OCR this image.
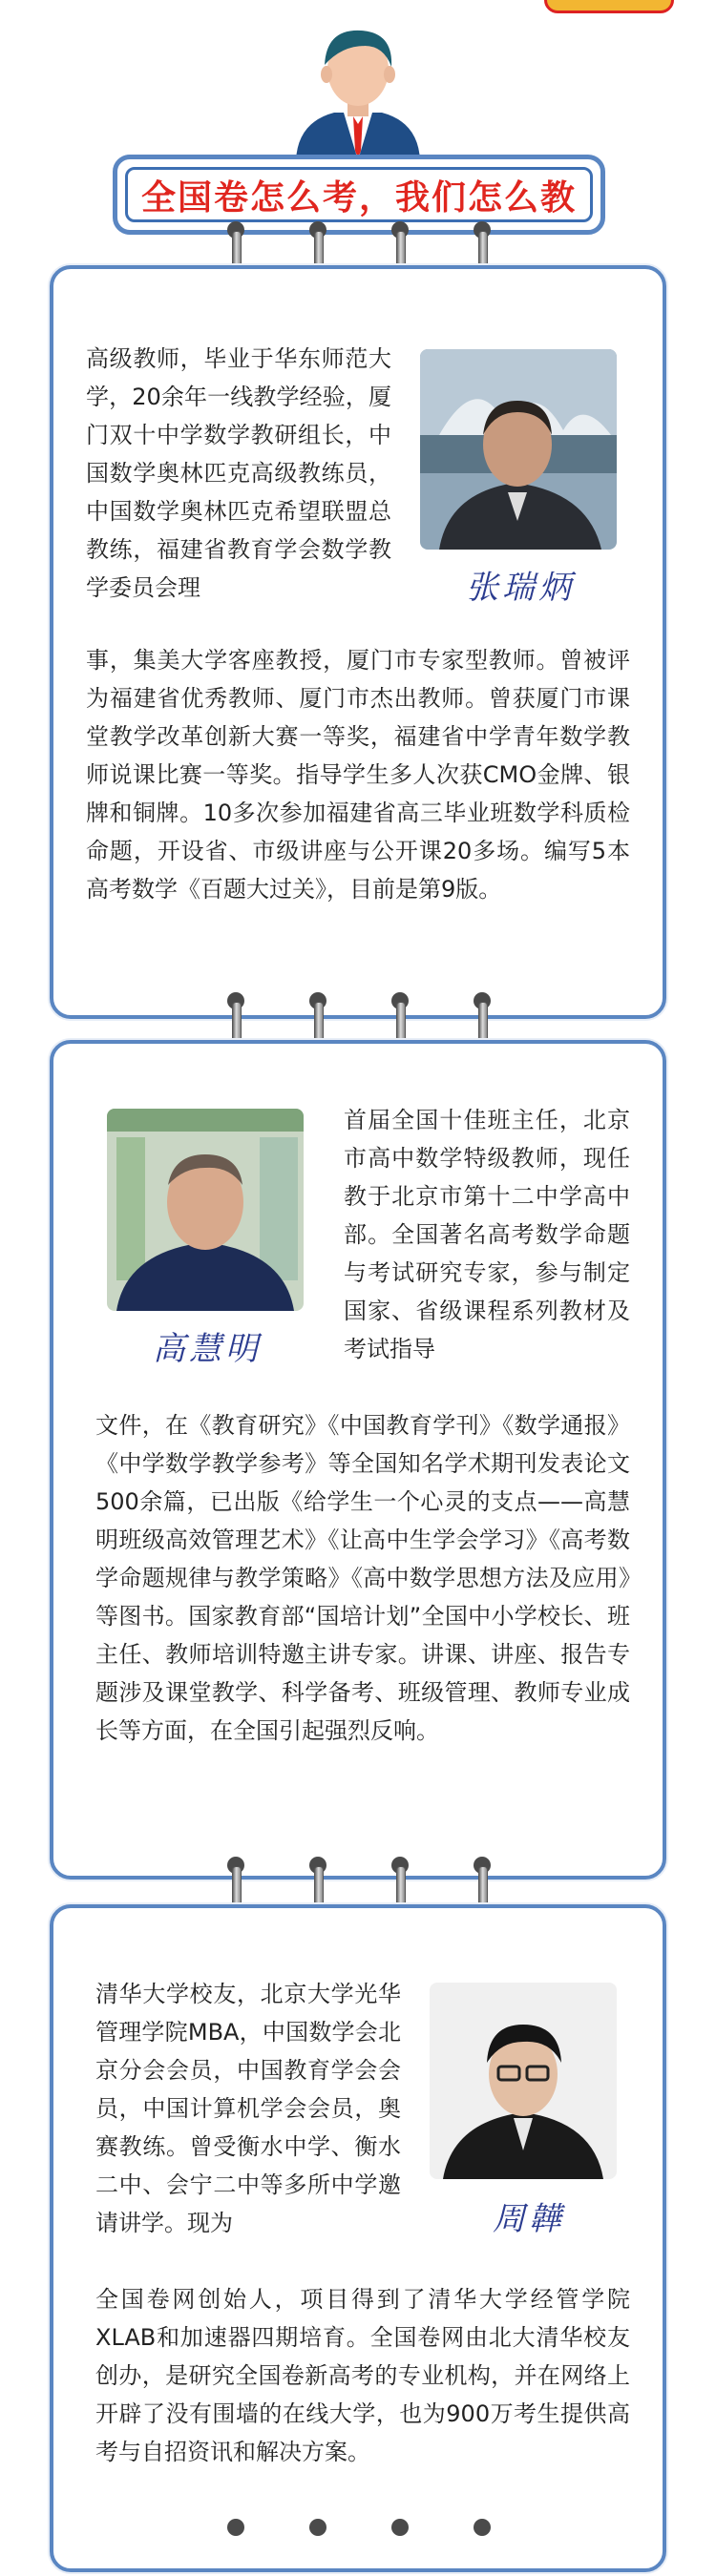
全国卷怎么考，我们怎么教
高级教师，毕业于华东师范大学，20余年一线教学经验，厦门双十中学数学教研组长，中国数学奥林匹克高级教练员，中国数学奥林匹克希望联盟总教练，福建省教育学会数学教学委员会理	张瑞炳
事，集美大学客座教授，厦门市专家型教师。曾被评为福建省优秀教师、厦门市杰出教师。曾获厦门市课堂教学改革创新大赛一等奖，福建省中学青年数学教师说课比赛一等奖。指导学生多人次获CMO金牌、银牌和铜牌。10多次参加福建省高三毕业班数学科质检命题，开设省、市级讲座与公开课20多场。编写5本高考数学《百题大过关》，目前是第9版。
高慧明
首届全国十佳班主任，北京市高中数学特级教师，现任教于北京市第十二中学高中部。全国著名高考数学命题与考试研究专家，参与制定国家、省级课程系列教材及考试指导
文件，在《教育研究》《中国教育学刊》《数学通报》《中学数学教学参考》等全国知名学术期刊发表论文500余篇，已出版《给学生一个心灵的支点——高慧明班级高效管理艺术》《让高中生学会学习》《高考数学命题规律与教学策略》《高中数学思想方法及应用》等图书。国家教育部“国培计划”全国中小学校长、班主任、教师培训特邀主讲专家。讲课、讲座、报告专题涉及课堂教学、科学备考、班级管理、教师专业成长等方面，在全国引起强烈反响。
清华大学校友，北京大学光华管理学院MBA，中国数学会北京分会会员，中国教育学会会员，中国计算机学会会员，奥赛教练。曾受衡水中学、衡水二中、会宁二中等多所中学邀请讲学。现为	周韡
全国卷网创始人，项目得到了清华大学经管学院XLAB和加速器四期培育。全国卷网由北大清华校友创办，是研究全国卷新高考的专业机构，并在网络上开辟了没有围墙的在线大学，也为900万考生提供高考与自招资讯和解决方案。
